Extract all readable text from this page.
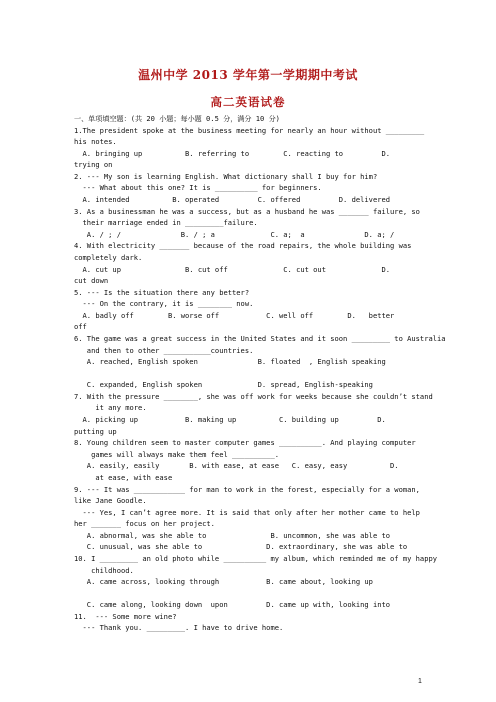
温州中学 2013 学年第一学期期中考试
高二英语试卷
一、单项填空题：(共 20 小题；每小题 0.5 分，满分 10 分)
1.The president spoke at the business meeting for nearly an hour without _________
his notes.
A. bringing up          B. referring to        C. reacting to         D.
trying on
2. --- My son is learning English. What dictionary shall I buy for him?
--- What about this one? It is __________ for beginners.
A. intended          B. operated         C. offered         D. delivered
3. As a businessman he was a success, but as a husband he was _______ failure, so
their marriage ended in _________failure.
A. / ; /              B. / ; a             C. a;  a              D. a; /
4. With electricity _______ because of the road repairs, the whole building was
completely dark.
A. cut up               B. cut off             C. cut out             D.
cut down
5. --- Is the situation there any better?
--- On the contrary, it is ________ now.
A. badly off        B. worse off           C. well off        D.   better
off
6. The game was a great success in the United States and it soon _________ to Australia
and then to other ___________countries.
A. reached, English spoken              B. floated  , English speaking
C. expanded, English spoken             D. spread, English-speaking
7. With the pressure ________, she was off work for weeks because she couldn’t stand
it any more.
A. picking up           B. making up          C. building up         D.
putting up
8. Young children seem to master computer games __________. And playing computer
games will always make them feel __________.
A. easily, easily       B. with ease, at ease   C. easy, easy          D.
at ease, with ease
9. --- It was ____________ for man to work in the forest, especially for a woman,
like Jane Goodle.
--- Yes, I can’t agree more. It is said that only after her mother came to help
her _______ focus on her project.
A. abnormal, was she able to               B. uncommon, she was able to
C. unusual, was she able to               D. extraordinary, she was able to
10. I _________ an old photo while __________ my album, which reminded me of my happy
childhood.
A. came across, looking through           B. came about, looking up
C. came along, looking down  upon         D. came up with, looking into
11.  --- Some more wine?
--- Thank you. _________. I have to drive home.
1
